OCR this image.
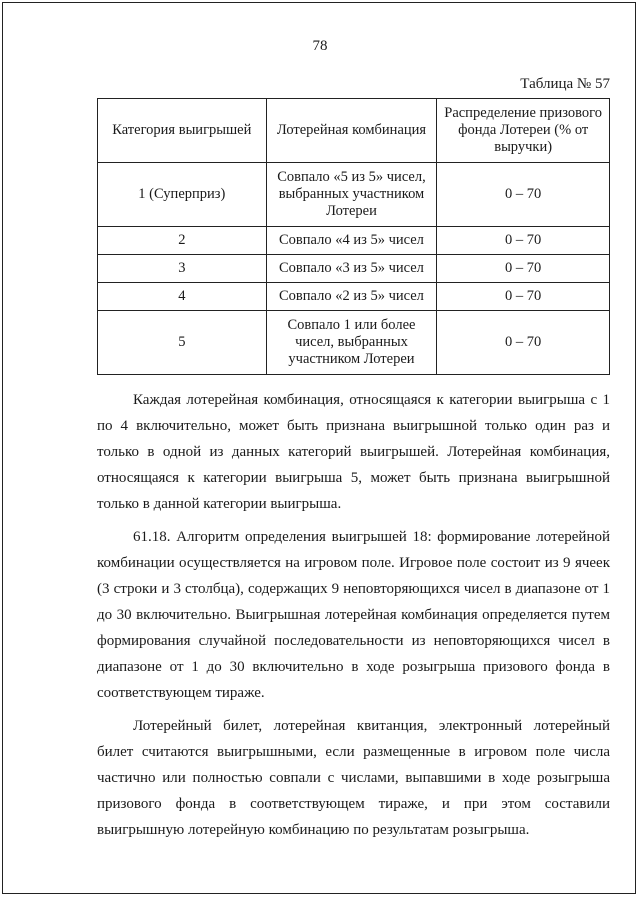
78
Таблица № 57
Категория выигрышей	Лотерейная комбинация	Распределение призового фонда Лотереи (% от выручки)
1 (Суперприз)	Совпало «5 из 5» чисел, выбранных участником Лотереи	0 – 70
2	Совпало «4 из 5» чисел	0 – 70
3	Совпало «3 из 5» чисел	0 – 70
4	Совпало «2 из 5» чисел	0 – 70
5	Совпало 1 или более чисел, выбранных участником Лотереи	0 – 70

Каждая лотерейная комбинация, относящаяся к категории выигрыша с 1 по 4 включительно, может быть признана выигрышной только один раз и только в одной из данных категорий выигрышей. Лотерейная комбинация, относящаяся к категории выигрыша 5, может быть признана выигрышной только в данной категории выигрыша.

61.18. Алгоритм определения выигрышей 18: формирование лотерейной комбинации осуществляется на игровом поле. Игровое поле состоит из 9 ячеек (3 строки и 3 столбца), содержащих 9 неповторяющихся чисел в диапазоне от 1 до 30 включительно. Выигрышная лотерейная комбинация определяется путем формирования случайной последовательности из неповторяющихся чисел в диапазоне от 1 до 30 включительно в ходе розыгрыша призового фонда в соответствующем тираже.

Лотерейный билет, лотерейная квитанция, электронный лотерейный билет считаются выигрышными, если размещенные в игровом поле числа частично или полностью совпали с числами, выпавшими в ходе розыгрыша призового фонда в соответствующем тираже, и при этом составили выигрышную лотерейную комбинацию по результатам розыгрыша.
